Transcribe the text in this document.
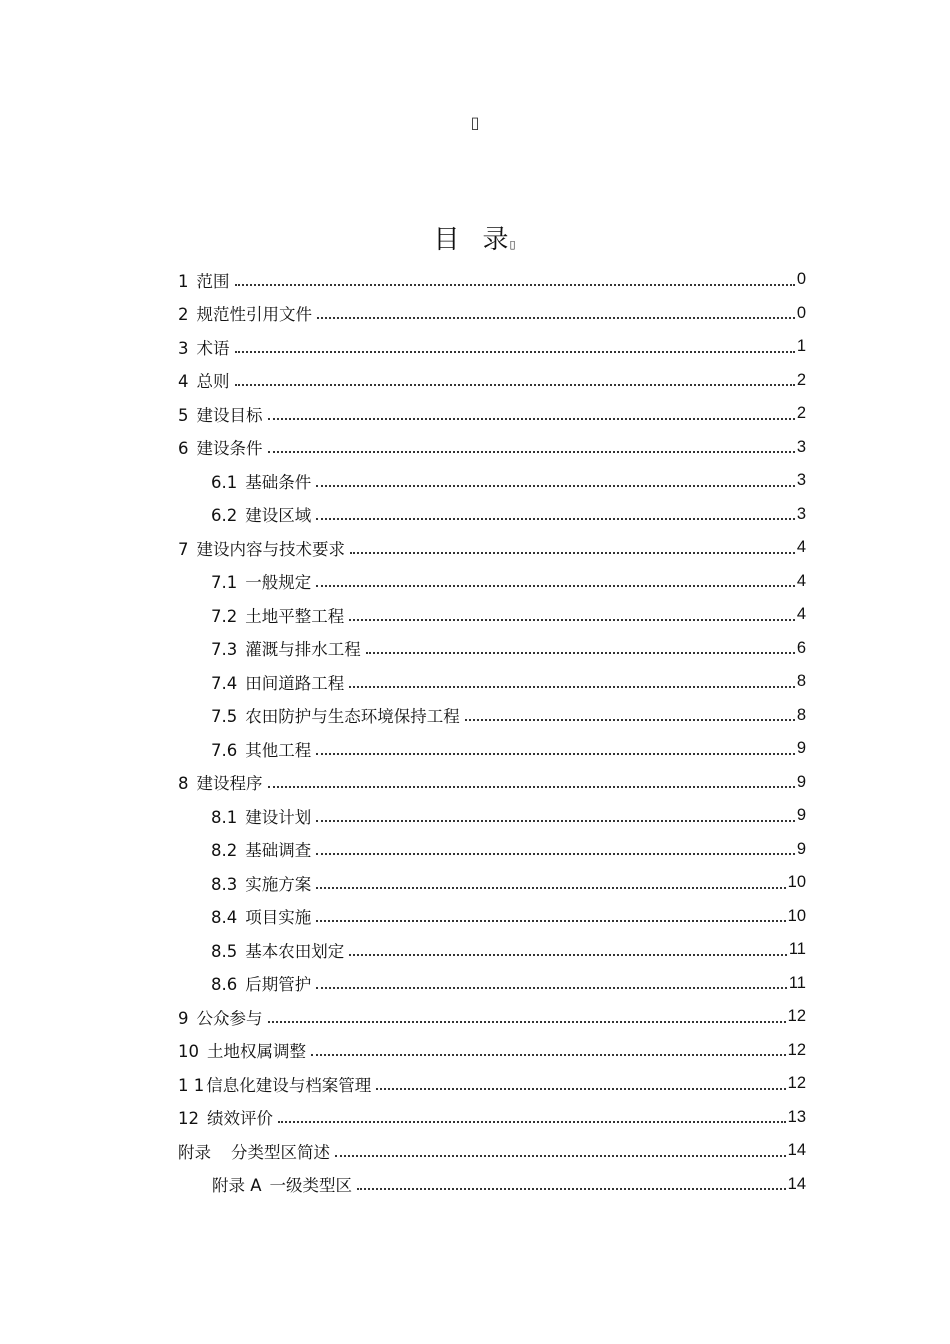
▯
目 录▯
1 范围	0
2 规范性引用文件	0
3 术语	1
4 总则	2
5 建设目标	2
6 建设条件	3
6.1 基础条件	3
6.2 建设区域	3
7 建设内容与技术要求	4
7.1 一般规定	4
7.2 土地平整工程	4
7.3 灌溉与排水工程	6
7.4 田间道路工程	8
7.5 农田防护与生态环境保持工程	8
7.6 其他工程	9
8 建设程序	9
8.1 建设计划	9
8.2 基础调查	9
8.3 实施方案	10
8.4 项目实施	10
8.5 基本农田划定	11
8.6 后期管护	11
9 公众参与	12
10 土地权属调整	12
1 1 信息化建设与档案管理	12
12 绩效评价	13
附录 分类型区简述	14
附录 A 一级类型区	14
